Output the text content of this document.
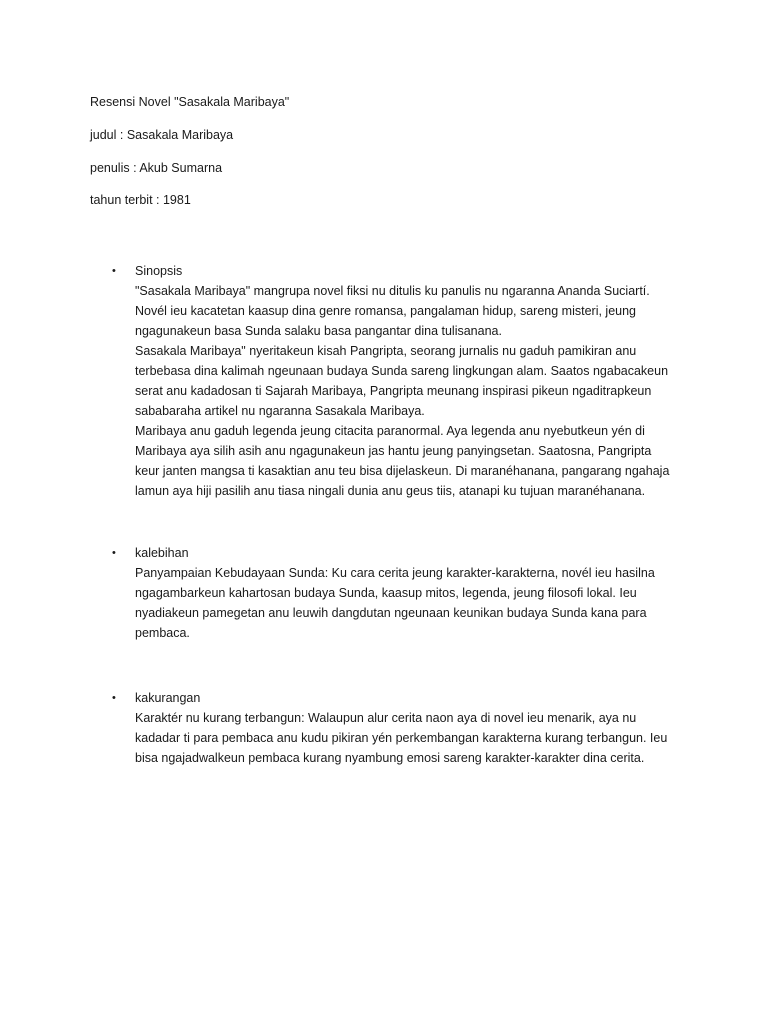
Resensi Novel "Sasakala Maribaya"
judul : Sasakala Maribaya
penulis : Akub Sumarna
tahun terbit : 1981
• Sinopsis
"Sasakala Maribaya" mangrupa novel fiksi nu ditulis ku panulis nu ngaranna Ananda Suciartí.
Novél ieu kacatetan kaasup dina genre romansa, pangalaman hidup, sareng misteri, jeung
ngagunakeun basa Sunda salaku basa pangantar dina tulisanana.
Sasakala Maribaya" nyeritakeun kisah Pangripta, seorang jurnalis nu gaduh pamikiran anu
terbebasa dina kalimah ngeunaan budaya Sunda sareng lingkungan alam. Saatos ngabacakeun
serat anu kadadosan ti Sajarah Maribaya, Pangripta meunang inspirasi pikeun ngaditrapkeun
sababaraha artikel nu ngaranna Sasakala Maribaya.
Maribaya anu gaduh legenda jeung citacita paranormal. Aya legenda anu nyebutkeun yén di
Maribaya aya silih asih anu ngagunakeun jas hantu jeung panyingsetan. Saatosna, Pangripta
keur janten mangsa ti kasaktian anu teu bisa dijelaskeun. Di maranéhanana, pangarang ngahaja
lamun aya hiji pasilih anu tiasa ningali dunia anu geus tiis, atanapi ku tujuan maranéhanana.
• kalebihan
Panyampaian Kebudayaan Sunda: Ku cara cerita jeung karakter-karakterna, novél ieu hasilna
ngagambarkeun kahartosan budaya Sunda, kaasup mitos, legenda, jeung filosofi lokal. Ieu
nyadiakeun pamegetan anu leuwih dangdutan ngeunaan keunikan budaya Sunda kana para
pembaca.
• kakurangan
Karaktér nu kurang terbangun: Walaupun alur cerita naon aya di novel ieu menarik, aya nu
kadadar ti para pembaca anu kudu pikiran yén perkembangan karakterna kurang terbangun. Ieu
bisa ngajadwalkeun pembaca kurang nyambung emosi sareng karakter-karakter dina cerita.
